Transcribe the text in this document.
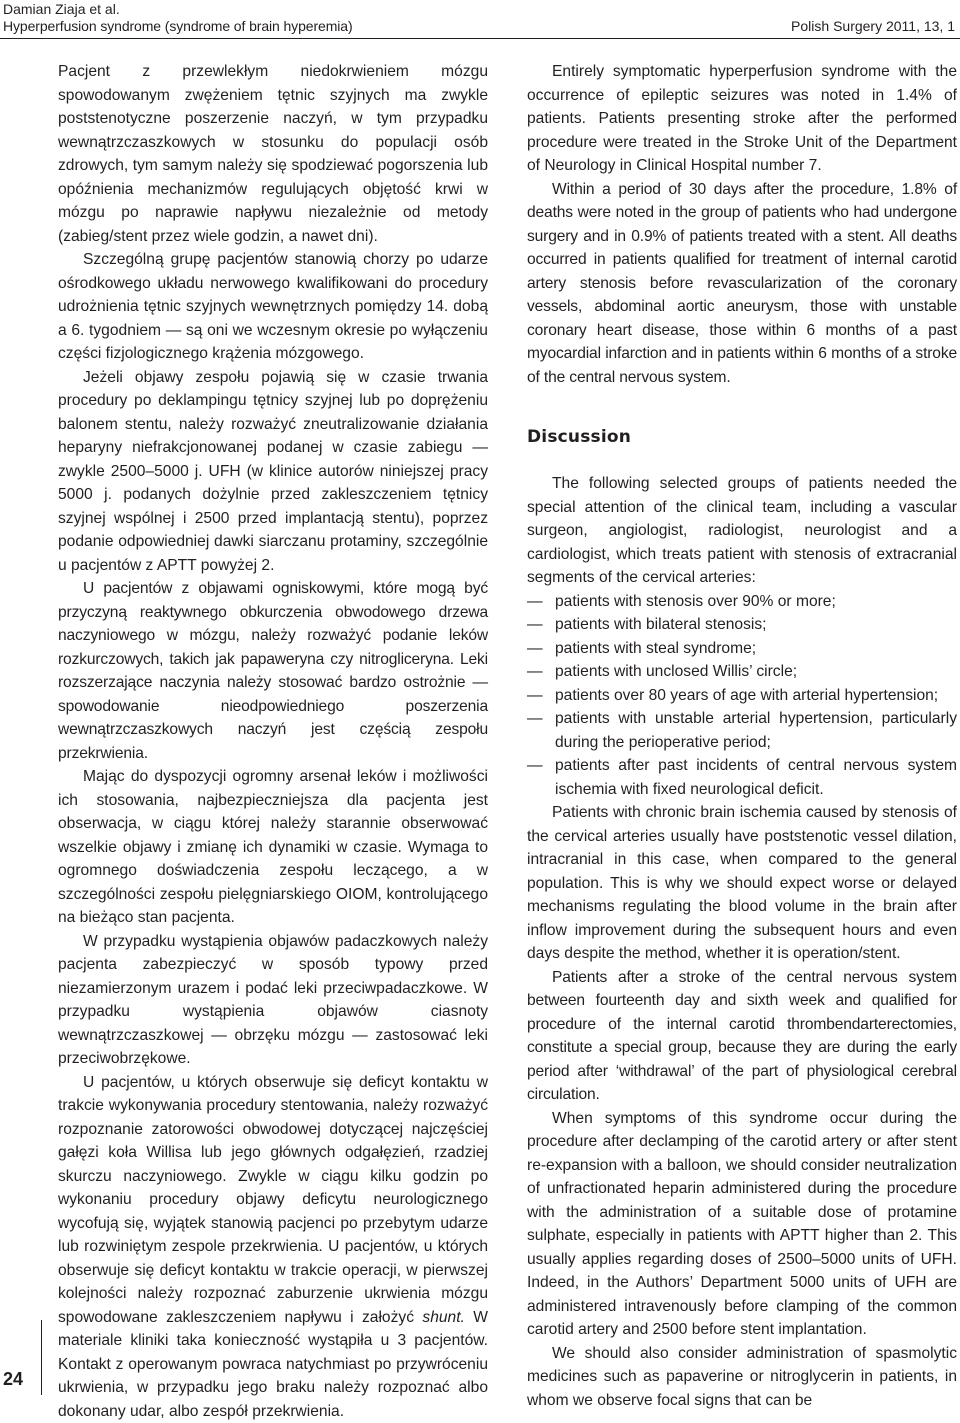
Damian Ziaja et al.
Hyperperfusion syndrome (syndrome of brain hyperemia)	Polish Surgery 2011, 13, 1

Pacjent z przewlekłym niedokrwieniem mózgu spowodowanym zwężeniem tętnic szyjnych ma zwykle poststenotyczne poszerzenie naczyń, w tym przypadku wewnątrzczaszkowych w stosunku do populacji osób zdrowych, tym samym należy się spodziewać pogorszenia lub opóźnienia mechanizmów regulujących objętość krwi w mózgu po naprawie napływu niezależnie od metody (zabieg/stent przez wiele godzin, a nawet dni).

Szczególną grupę pacjentów stanowią chorzy po udarze ośrodkowego układu nerwowego kwalifikowani do procedury udrożnienia tętnic szyjnych wewnętrznych pomiędzy 14. dobą a 6. tygodniem — są oni we wczesnym okresie po wyłączeniu części fizjologicznego krążenia mózgowego.

Jeżeli objawy zespołu pojawią się w czasie trwania procedury po deklampingu tętnicy szyjnej lub po doprężeniu balonem stentu, należy rozważyć zneutralizowanie działania heparyny niefrakcjonowanej podanej w czasie zabiegu — zwykle 2500–5000 j. UFH (w klinice autorów niniejszej pracy 5000 j. podanych dożylnie przed zakleszczeniem tętnicy szyjnej wspólnej i 2500 przed implantacją stentu), poprzez podanie odpowiedniej dawki siarczanu protaminy, szczególnie u pacjentów z APTT powyżej 2.

U pacjentów z objawami ogniskowymi, które mogą być przyczyną reaktywnego obkurczenia obwodowego drzewa naczyniowego w mózgu, należy rozważyć podanie leków rozkurczowych, takich jak papaweryna czy nitrogliceryna. Leki rozszerzające naczynia należy stosować bardzo ostrożnie — spowodowanie nieodpowiedniego poszerzenia wewnątrzczaszkowych naczyń jest częścią zespołu przekrwienia.

Mając do dyspozycji ogromny arsenał leków i możliwości ich stosowania, najbezpieczniejsza dla pacjenta jest obserwacja, w ciągu której należy starannie obserwować wszelkie objawy i zmianę ich dynamiki w czasie. Wymaga to ogromnego doświadczenia zespołu leczącego, a w szczególności zespołu pielęgniarskiego OIOM, kontrolującego na bieżąco stan pacjenta.

W przypadku wystąpienia objawów padaczkowych należy pacjenta zabezpieczyć w sposób typowy przed niezamierzonym urazem i podać leki przeciwpadaczkowe. W przypadku wystąpienia objawów ciasnoty wewnątrzczaszkowej — obrzęku mózgu — zastosować leki przeciwobrzękowe.

U pacjentów, u których obserwuje się deficyt kontaktu w trakcie wykonywania procedury stentowania, należy rozważyć rozpoznanie zatorowości obwodowej dotyczącej najczęściej gałęzi koła Willisa lub jego głównych odgałęzień, rzadziej skurczu naczyniowego. Zwykle w ciągu kilku godzin po wykonaniu procedury objawy deficytu neurologicznego wycofują się, wyjątek stanowią pacjenci po przebytym udarze lub rozwiniętym zespole przekrwienia. U pacjentów, u których obserwuje się deficyt kontaktu w trakcie operacji, w pierwszej kolejności należy rozpoznać zaburzenie ukrwienia mózgu spowodowane zakleszczeniem napływu i założyć shunt. W materiale kliniki taka konieczność wystąpiła u 3 pacjentów. Kontakt z operowanym powraca natychmiast po przywróceniu ukrwienia, w przypadku jego braku należy rozpoznać albo dokonany udar, albo zespół przekrwienia.

Entirely symptomatic hyperperfusion syndrome with the occurrence of epileptic seizures was noted in 1.4% of patients. Patients presenting stroke after the performed procedure were treated in the Stroke Unit of the Department of Neurology in Clinical Hospital number 7.

Within a period of 30 days after the procedure, 1.8% of deaths were noted in the group of patients who had undergone surgery and in 0.9% of patients treated with a stent. All deaths occurred in patients qualified for treatment of internal carotid artery stenosis before revascularization of the coronary vessels, abdominal aortic aneurysm, those with unstable coronary heart disease, those within 6 months of a past myocardial infarction and in patients within 6 months of a stroke of the central nervous system.

Discussion

The following selected groups of patients needed the special attention of the clinical team, including a vascular surgeon, angiologist, radiologist, neurologist and a cardiologist, which treats patient with stenosis of extracranial segments of the cervical arteries:

— patients with stenosis over 90% or more;
— patients with bilateral stenosis;
— patients with steal syndrome;
— patients with unclosed Willis’ circle;
— patients over 80 years of age with arterial hypertension;
— patients with unstable arterial hypertension, particularly during the perioperative period;
— patients after past incidents of central nervous system ischemia with fixed neurological deficit.

Patients with chronic brain ischemia caused by stenosis of the cervical arteries usually have poststenotic vessel dilation, intracranial in this case, when compared to the general population. This is why we should expect worse or delayed mechanisms regulating the blood volume in the brain after inflow improvement during the subsequent hours and even days despite the method, whether it is operation/stent.

Patients after a stroke of the central nervous system between fourteenth day and sixth week and qualified for procedure of the internal carotid thrombendarterectomies, constitute a special group, because they are during the early period after ‘withdrawal’ of the part of physiological cerebral circulation.

When symptoms of this syndrome occur during the procedure after declamping of the carotid artery or after stent re-expansion with a balloon, we should consider neutralization of unfractionated heparin administered during the procedure with the administration of a suitable dose of protamine sulphate, especially in patients with APTT higher than 2. This usually applies regarding doses of 2500–5000 units of UFH. Indeed, in the Authors’ Department 5000 units of UFH are administered intravenously before clamping of the common carotid artery and 2500 before stent implantation.

We should also consider administration of spasmolytic medicines such as papaverine or nitroglycerin in patients, in whom we observe focal signs that can be

24
